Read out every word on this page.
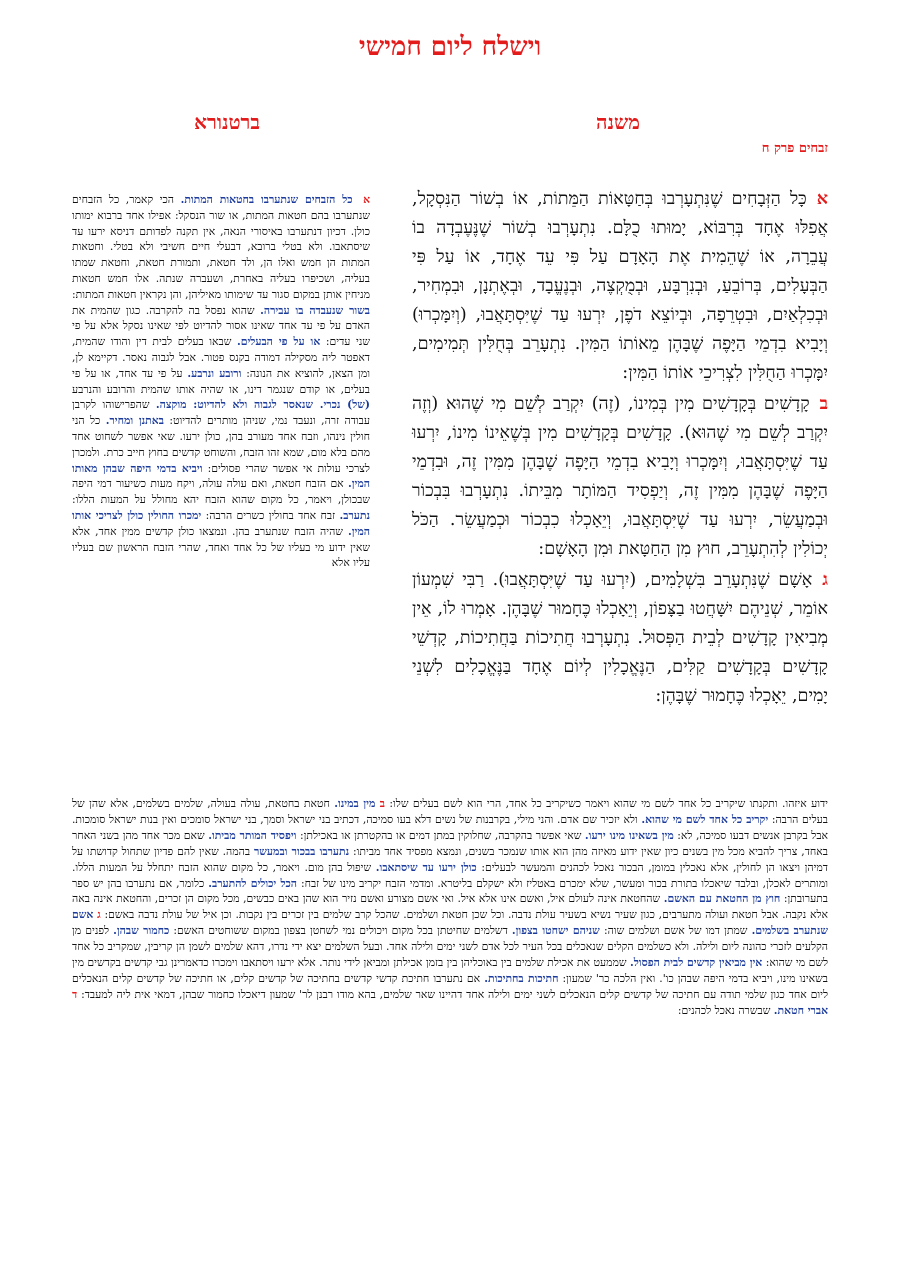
וישלח ליום חמישי
משנה
ברטנורא
זבחים פרק ח

אכָּל הַזְּבָחִים שֶׁנִּתְעָרְבוּ בְּחַטָּאוֹת הַמֵּתוֹת, אוֹ בְשׁוֹר הַנִּסְקָל, אֲפִלּוּ אֶחָד בְּרִבּוֹא, יָמוּתוּ כֻלָּם. נִתְעָרְבוּ בְשׁוֹר שֶׁנֶּעֶבְדָה בוֹ עֲבֵרָה, אוֹ שֶׁהֵמִית אֶת הָאָדָם עַל פִּי עֵד אֶחָד, אוֹ עַל פִּי הַבְּעָלִים, בְּרוֹבֵעַ, וּבְנִרְבָּע, וּבְמֻקְצֶה, וּבְנֶעֱבָד, וּבְאֶתְנָן, וּבִמְחִיר, וּבְכִלְאַיִם, וּבִטְרֵפָה, וּבְיוֹצֵא דֹפֶן, יִרְעוּ עַד שֶׁיִּסְתָּאֲבוּ, (וְיִמָּכְרוּ) וְיָבִיא בִדְמֵי הַיָּפֶה שֶׁבָּהֶן מֵאוֹתוֹ הַמִּין. נִתְעָרֵב בְּחֻלִּין תְּמִימִים, יִמָּכְרוּ הַחֻלִּין לִצְרִיכֵי אוֹתוֹ הַמִּין:

בקָדָשִׁים בְּקָדָשִׁים מִין בְּמִינוֹ, (זֶה) יִקְרַב לְשֵׁם מִי שֶׁהוּא (וְזֶה יִקְרַב לְשֵׁם מִי שֶׁהוּא). קָדָשִׁים בְּקָדָשִׁים מִין בְּשֶׁאֵינוֹ מִינוֹ, יִרְעוּ עַד שֶׁיִּסְתָּאֲבוּ, וְיִמָּכְרוּ וְיָבִיא בִדְמֵי הַיָּפֶה שֶׁבָּהֶן מִמִּין זֶה, וּבִדְמֵי הַיָּפֶה שֶׁבָּהֶן מִמִּין זֶה, וְיַפְסִיד הַמּוֹתָר מִבֵּיתוֹ. נִתְעָרְבוּ בִּבְכוֹר וּבְמַעֲשֵׂר, יִרְעוּ עַד שֶׁיִּסְתָּאֲבוּ, וְיֵאָכְלוּ כִבְכוֹר וּכְמַעֲשֵׂר. הַכֹּל יְכוֹלִין לְהִתְעָרֵב, חוּץ מִן הַחַטָּאת וּמִן הָאָשָׁם:

גאָשָׁם שֶׁנִּתְעָרֵב בִּשְׁלָמִים, (יִרְעוּ עַד שֶׁיִּסְתָּאֲבוּ). רַבִּי שִׁמְעוֹן אוֹמֵר, שְׁנֵיהֶם יִשָּׁחֲטוּ בַצָּפוֹן, וְיֵאָכְלוּ כֶּחָמוּר שֶׁבָּהֶן. אָמְרוּ לוֹ, אֵין מְבִיאִין קָדָשִׁים לְבֵית הַפְּסוּל. נִתְעָרְבוּ חֲתִיכוֹת בַּחֲתִיכוֹת, קָדְשֵׁי קָדָשִׁים בְּקָדָשִׁים קַלִּים, הַנֶּאֱכָלִין לְיוֹם אֶחָד בַּנֶּאֱכָלִים לִשְׁנֵי יָמִים, יֵאָכְלוּ כֶּחָמוּר שֶׁבָּהֶן:

א כל הזבחים שנתערבו בחטאות המתות. הכי קאמר, כל הזבחים שנתערבו בהם חטאות המתות, או שור הנסקל: אפילו אחד ברבוא ימותו כולן. דכיון דנתערבו באיסורי הנאה, אין תקנה לפדותם דניסא ירעו עד שיסתאבו. ולא בטלי ברובא, דבעלי חיים חשיבי ולא בטלי. וחטאות המתות הן חמש ואלו הן, ולד חטאת, ותמורת חטאת, וחטאת שמתו בעליה, ושכיפרו בעליה באחרת, ושעברה שנתה. אלו חמש חטאות מניחין אותן במקום סגור עד שימותו מאיליהן, והן נקראין חטאות המתות: בשור שנעבדה בו עבירה. שהוא נפסל בה להקרבה. כגון שהמית את האדם על פי עד אחד שאינו אסור להדיוט לפי שאינו נסקל אלא על פי שני עדים: או על פי הבעלים. שבאו בעלים לבית דין והודו שהמית, דאפטר ליה מסקילה דמודה בקנס פטור. אבל לגבוה נאסר. דקיימא לן, ומן הצאן, להוציא את הנונה: ורובע ונרבע. על פי עד אחד, או על פי בעלים, או קודם שנגמר דינו, או שהיה אותו שהמית והרובע והנרבע (של) נכרי. שנאסר לגבוה ולא להדיוט: מוקצה. שהפרישוהו לקרבן עבודה זרה, ונעבד נמי, שניהן מותרים להדיוט: באתנן ומחיר. כל הני חולין נינהו, וזבח אחד מעורב בהן, כולן ירעו. שאי אפשר לשחוט אחד מהם בלא מום, שמא זהו הזבח, והשוחט קדשים בחוץ חייב כרת. ולמכרן לצרכי עולות אי אפשר שהרי פסולים: ויביא בדמי היפה שבהן מאותו המין. אם הזבח חטאת, ואם עולה עולה, ויקח מעות כשיעור דמי היפה שבכולן, ויאמר, כל מקום שהוא הזבח יהא מחולל על המעות הללו: נתערב. זבח אחד בחולין כשרים הרבה: ימכרו החולין כולן לצריכי אותו המין. שהיה הזבח שנתערב בהן. ונמצאו כולן קדשים ממין אחד, אלא שאין ידוע מי בעליו של כל אחד ואחד, שהרי הזבח הראשון שם בעליו עליו אלא
ידוע איזהו. ותקנתו שיקריב כל אחד לשם מי שהוא ויאמר כשיקריב כל אחד, הרי הוא לשם בעלים שלו: ב מין במינו. חטאת בחטאת, עולה בעולה, שלמים בשלמים, אלא שהן של בעלים הרבה: יקריב כל אחד לשם מי שהוא. ולא יזכיר שם אדם. והני מילי, בקרבנות של נשים דלא בעו סמיכה, דכתיב בני ישראל וסמך, בני ישראל סומכים ואין בנות ישראל סומכות. אבל בקרבן אנשים דבעו סמיכה, לא: מין בשאינו מינו ירעו. שאי אפשר בהקרבה, שחלוקין במתן דמים או בהקטרתן או באכילתן: ויפסיד המותר מביתו. שאם מכר אחד מהן בשני האחר באחד, צריך להביא מכל מין בשנים כיון שאין ידוע מאיזה מהן הוא אותו שנמכר בשנים, ונמצא מפסיד אחד מביתו: נתערבו בבכור ובמעשר בהמה. שאין להם פדיון שתחול קדושתו על דמיהן ויצאו הן לחולין, אלא נאכלין במומן, הבכור נאכל לכהנים והמעשר לבעלים: כולן ירעו עד שיסתאבו. שיפול בהן מום. ויאמר, כל מקום שהוא הזבח יתחלל על המעות הללו. ומותרים לאכלן, ובלבד שיאכלו בתורת בכור ומעשר, שלא ימכרם באטליז ולא ישקלם בליטרא. ומדמי הזבח יקריב מינו של זבח: הכל יכולים להתערב. כלומר, אם נתערבו בהן יש ספר בתערובתן: חוץ מן החטאת עם האשם. שהחטאת אינה לעולם איל, ואשם אינו אלא איל. ואי אשם מצורע ואשם נזיר הוא שהן באים כבשים, מכל מקום הן זכרים, והחטאת אינה באה אלא נקבה. אבל חטאת ועולה מתערבים, כגון שעיר נשיא בשעיר עולת נדבה. וכל שכן חטאת ושלמים. שהכל קרב שלמים בין זכרים בין נקבות. וכן איל של עולת נדבה באשם: ג אשם שנתערב בשלמים. שמתן דמו של אשם ושלמים שוה: שניהם ישחטו בצפון. דשלמים שחיטתן בכל מקום ויכולים נמי לשחטן בצפון במקום ששוחטים האשם: כחמור שבהן. לפנים מן הקלעים לזכרי כהונה ליום ולילה. ולא כשלמים הקלים שנאכלים בכל העיר לכל אדם לשני ימים ולילה אחד. ובעל השלמים יצא ידי נדרו, דהא שלמים לשמן הן קריבין, שמקריב כל אחד לשם מי שהוא: אין מביאין קדשים לבית הפסול. שממעט את אכילת שלמים בין באוכליהן בין בזמן אכילתן ומביאן לידי נותר. אלא ירעו ויסתאבו וימכרו כדאמרינן גבי קדשים בקדשים מין בשאינו מינו, ויביא בדמי היפה שבהן כו'. ואין הלכה כר' שמעון: חתיכות בחתיכות. אם נתערבו חתיכת קדשי קדשים בחתיכה של קדשים קלים, או חתיכה של קדשים קלים הנאכלים ליום אחד כגון שלמי תודה עם חתיכה של קדשים קלים הנאכלים לשני ימים ולילה אחד דהיינו שאר שלמים, בהא מודו רבנן לר' שמעון דיאכלו כחמור שבהן, דמאי אית ליה למעבד: ד אברי חטאת. שבשרה נאכל לכהנים:
